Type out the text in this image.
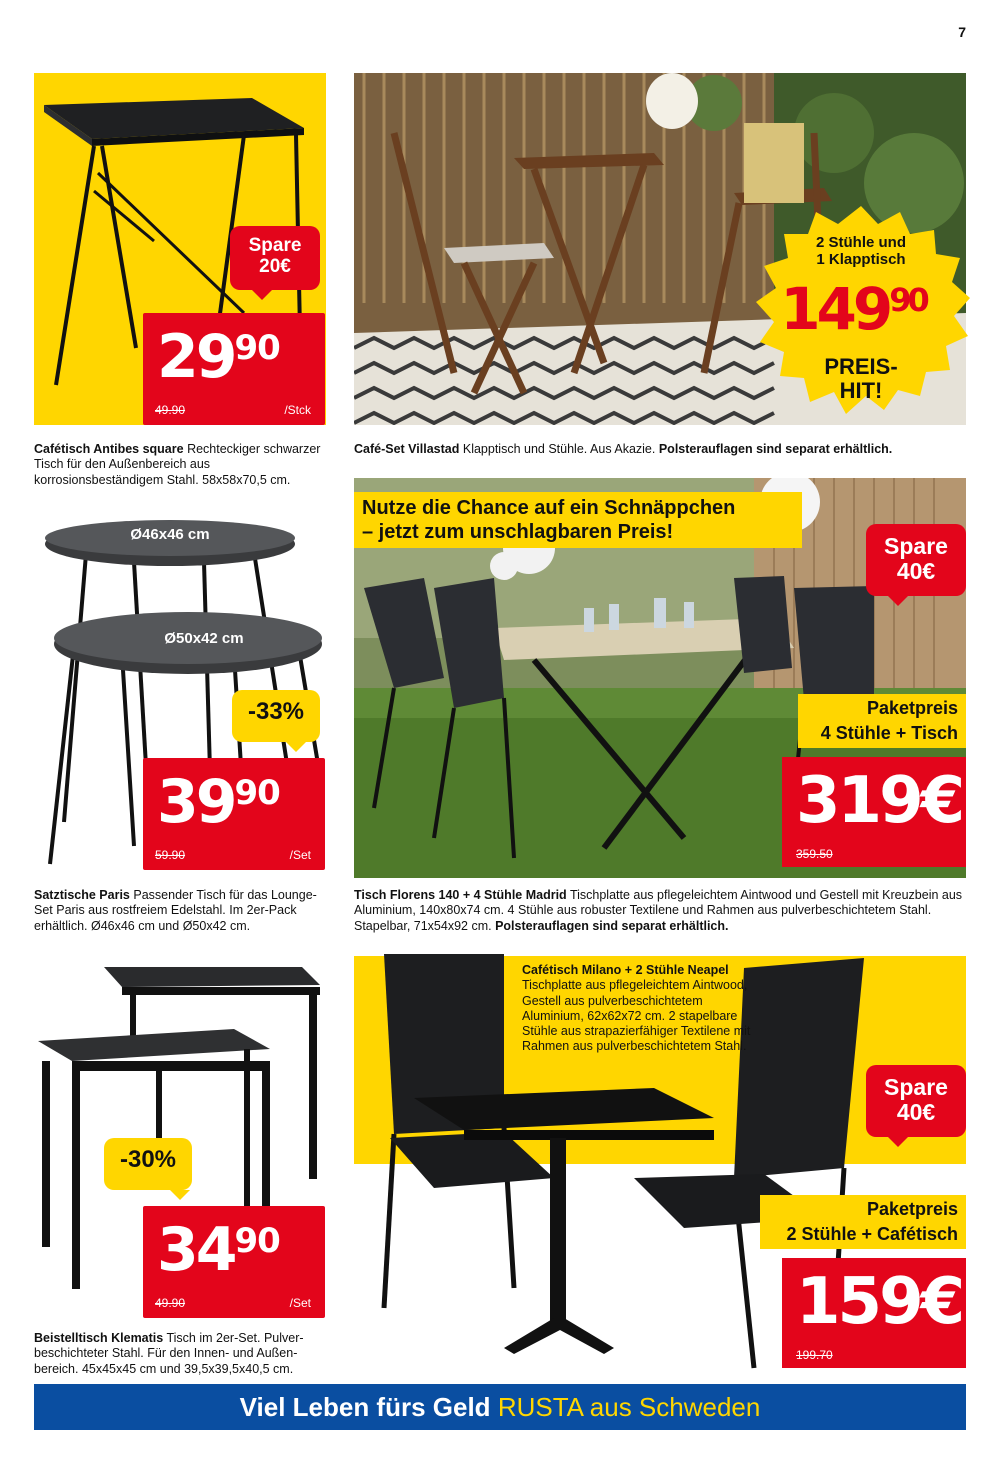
7
Spare
20€
$29^{90}$
49.90	/Stck
Cafétisch Antibes square Rechteckiger schwarzer Tisch für den Außenbereich aus korrosionsbeständigem Stahl. 58x58x70,5 cm.
Ø46x46 cm
Ø50x42 cm
-33%
$39^{90}$
59.90	/Set
Satztische Paris Passender Tisch für das Lounge-Set Paris aus rostfreiem Edelstahl. Im 2er-Pack erhältlich. Ø46x46 cm und Ø50x42 cm.
-30%
$34^{90}$
49.90	/Set
Beistelltisch Klematis Tisch im 2er-Set. Pulverbeschichteter Stahl. Für den Innen- und Außenbereich. 45x45x45 cm und 39,5x39,5x40,5 cm.
2 Stühle und
1 Klapptisch
$149^{90}$
PREIS-
HIT!
Café-Set Villastad Klapptisch und Stühle. Aus Akazie. Polsterauflagen sind separat erhältlich.
Nutze die Chance auf ein Schnäppchen
– jetzt zum unschlagbaren Preis!
Spare
40€
Paketpreis
4 Stühle + Tisch
319€
359.50
Tisch Florens 140 + 4 Stühle Madrid Tischplatte aus pflegeleichtem Aintwood und Gestell mit Kreuzbein aus Aluminium, 140x80x74 cm. 4 Stühle aus robuster Textilene und Rahmen aus pulverbeschichtetem Stahl. Stapelbar, 71x54x92 cm. Polsterauflagen sind separat erhältlich.
Cafétisch Milano + 2 Stühle Neapel
Tischplatte aus pflegeleichtem Aintwood, Gestell aus pulverbeschichtetem Aluminium, 62x62x72 cm. 2 stapelbare Stühle aus strapazierfähiger Textilene mit Rahmen aus pulverbeschichtetem Stahl.
Spare
40€
Paketpreis
2 Stühle + Cafétisch
159€
199.70
Viel Leben fürs Geld RUSTA aus Schweden
